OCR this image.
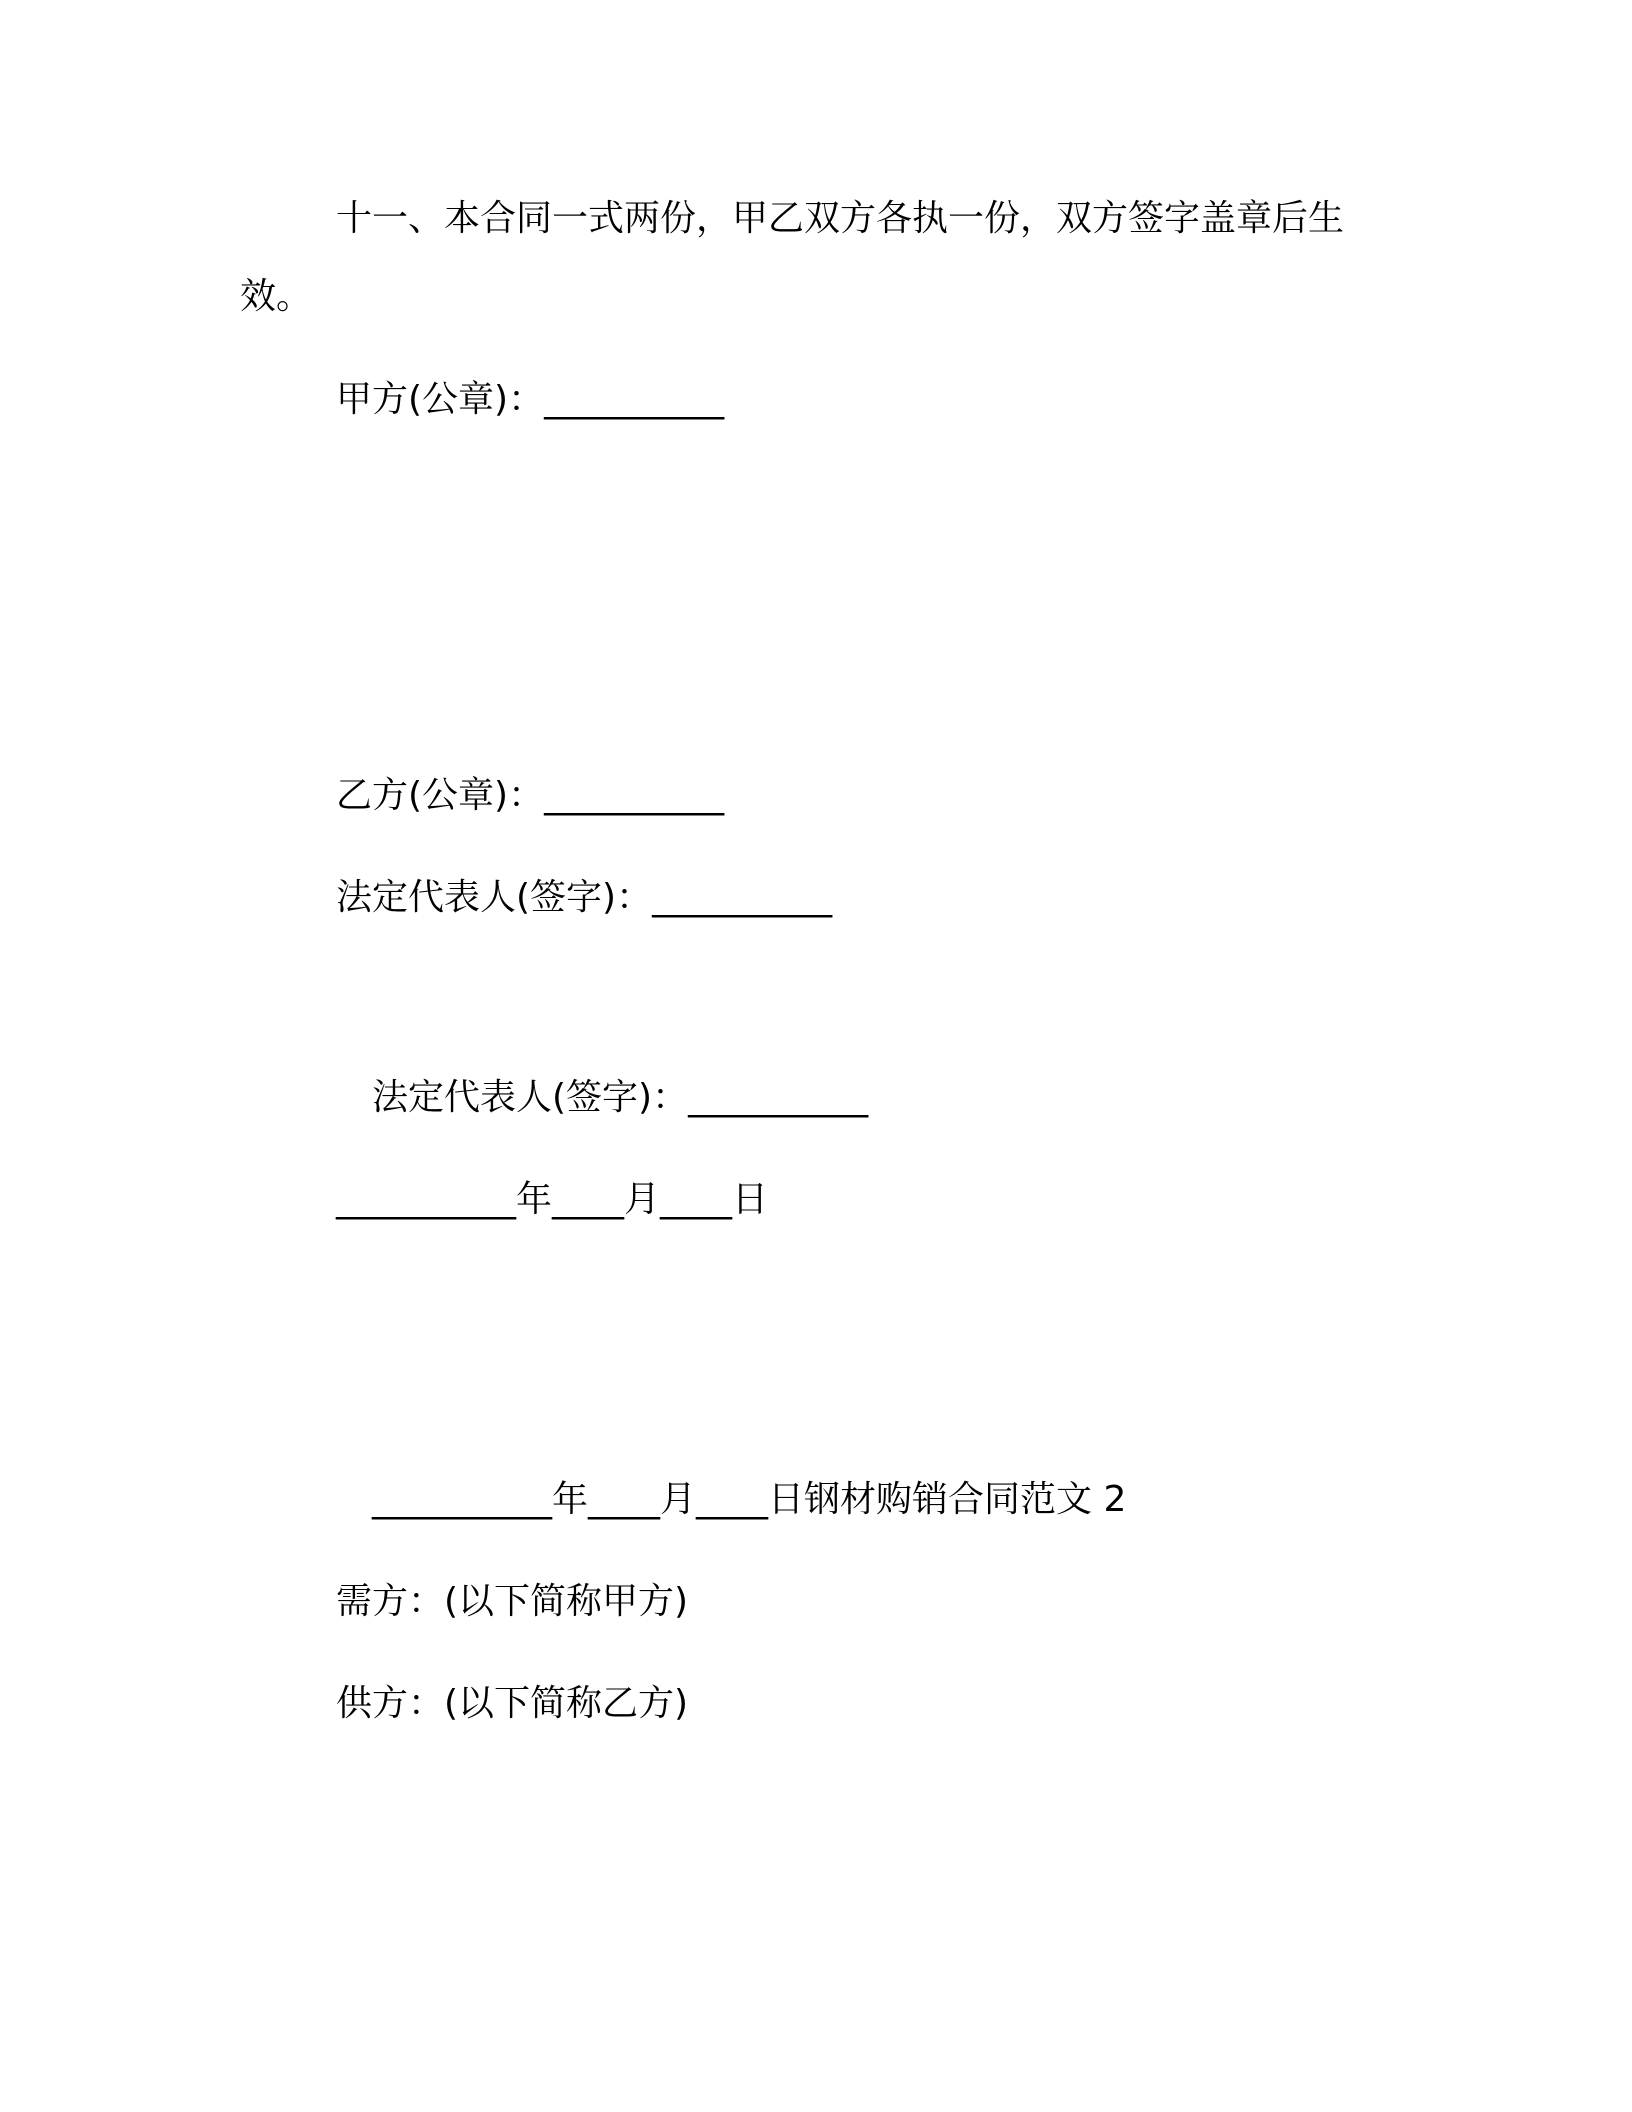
十一、本合同一式两份，甲乙双方各执一份，双方签字盖章后生效。

甲方(公章)：__________
乙方(公章)：__________
法定代表人(签字)：__________
法定代表人(签字)：__________
__________年____月____日
__________年____月____日钢材购销合同范文 2
需方：(以下简称甲方)
供方：(以下简称乙方)
